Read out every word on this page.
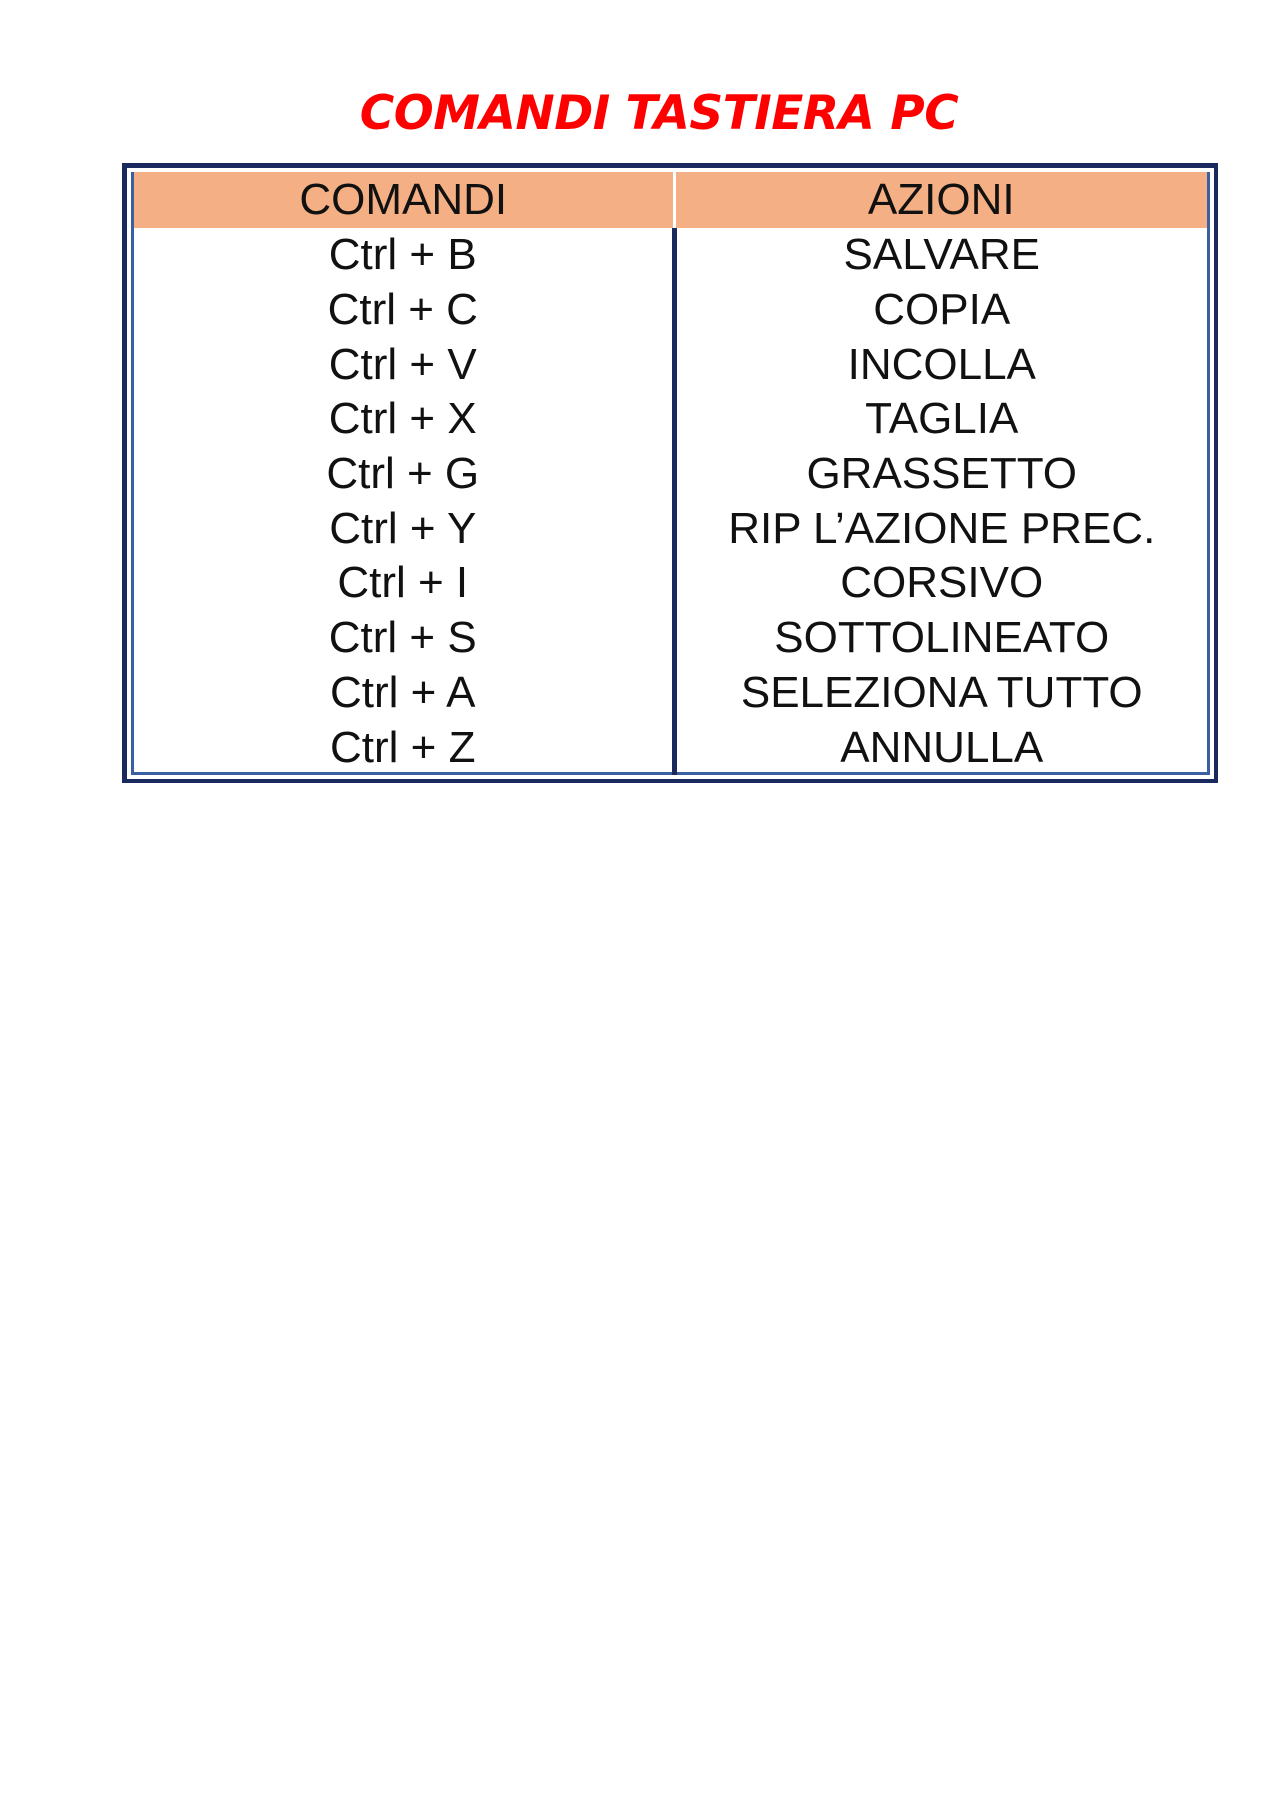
COMANDI TASTIERA PC
COMANDI	AZIONI
Ctrl + B	SALVARE
Ctrl + C	COPIA
Ctrl + V	INCOLLA
Ctrl + X	TAGLIA
Ctrl + G	GRASSETTO
Ctrl + Y	RIP L’AZIONE PREC.
Ctrl + I	CORSIVO
Ctrl + S	SOTTOLINEATO
Ctrl + A	SELEZIONA TUTTO
Ctrl + Z	ANNULLA
